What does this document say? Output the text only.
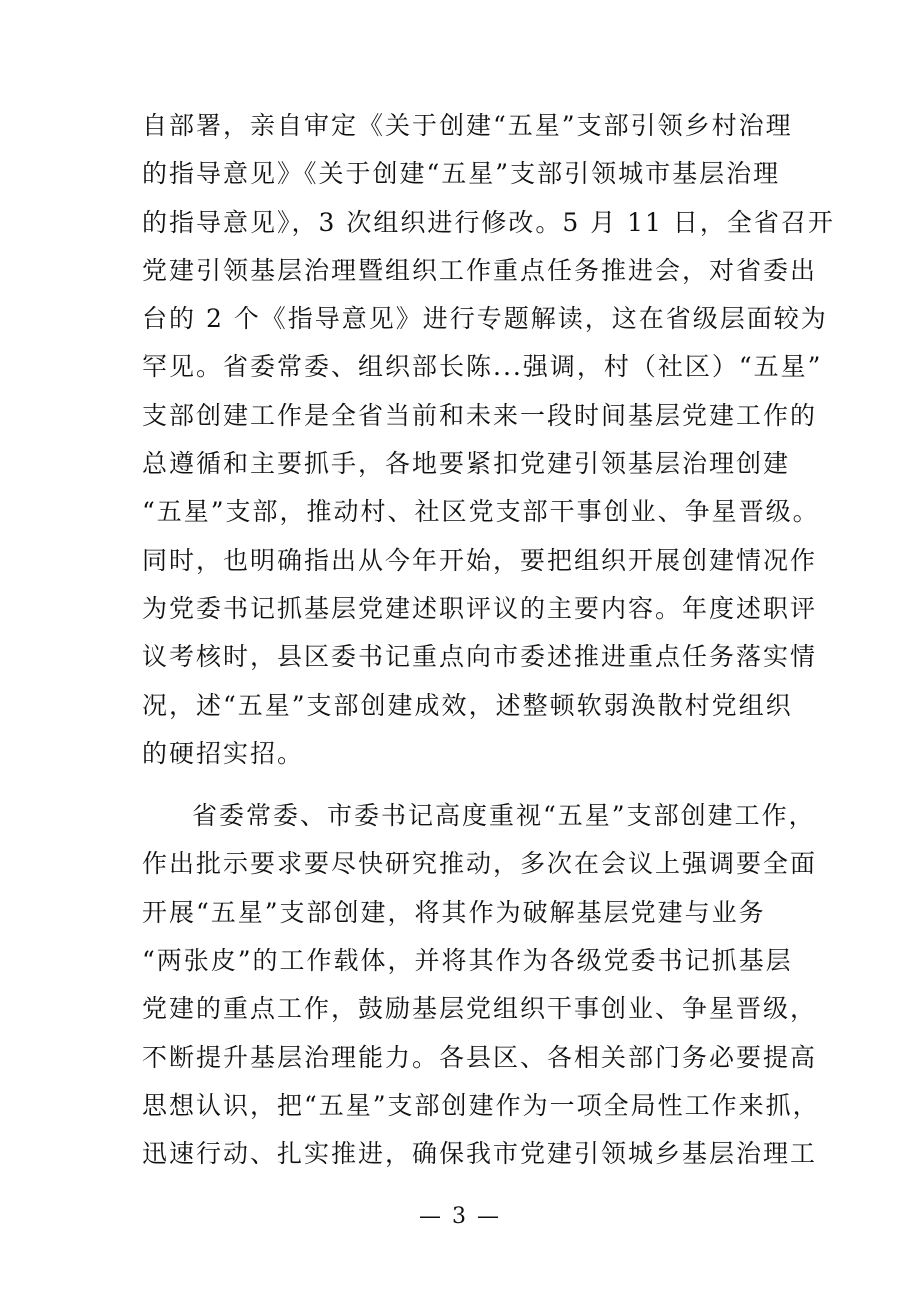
自部署，亲自审定《关于创建“五星”支部引领乡村治理
的指导意见》《关于创建“五星”支部引领城市基层治理
的指导意见》，3 次组织进行修改。5 月 11 日，全省召开
党建引领基层治理暨组织工作重点任务推进会，对省委出
台的 2 个《指导意见》进行专题解读，这在省级层面较为
罕见。省委常委、组织部长陈...强调，村（社区）“五星”
支部创建工作是全省当前和未来一段时间基层党建工作的
总遵循和主要抓手，各地要紧扣党建引领基层治理创建
“五星”支部，推动村、社区党支部干事创业、争星晋级。
同时，也明确指出从今年开始，要把组织开展创建情况作
为党委书记抓基层党建述职评议的主要内容。年度述职评
议考核时，县区委书记重点向市委述推进重点任务落实情
况，述“五星”支部创建成效，述整顿软弱涣散村党组织
的硬招实招。
省委常委、市委书记高度重视“五星”支部创建工作，
作出批示要求要尽快研究推动，多次在会议上强调要全面
开展“五星”支部创建，将其作为破解基层党建与业务
“两张皮”的工作载体，并将其作为各级党委书记抓基层
党建的重点工作，鼓励基层党组织干事创业、争星晋级，
不断提升基层治理能力。各县区、各相关部门务必要提高
思想认识，把“五星”支部创建作为一项全局性工作来抓，
迅速行动、扎实推进，确保我市党建引领城乡基层治理工
— 3 —
